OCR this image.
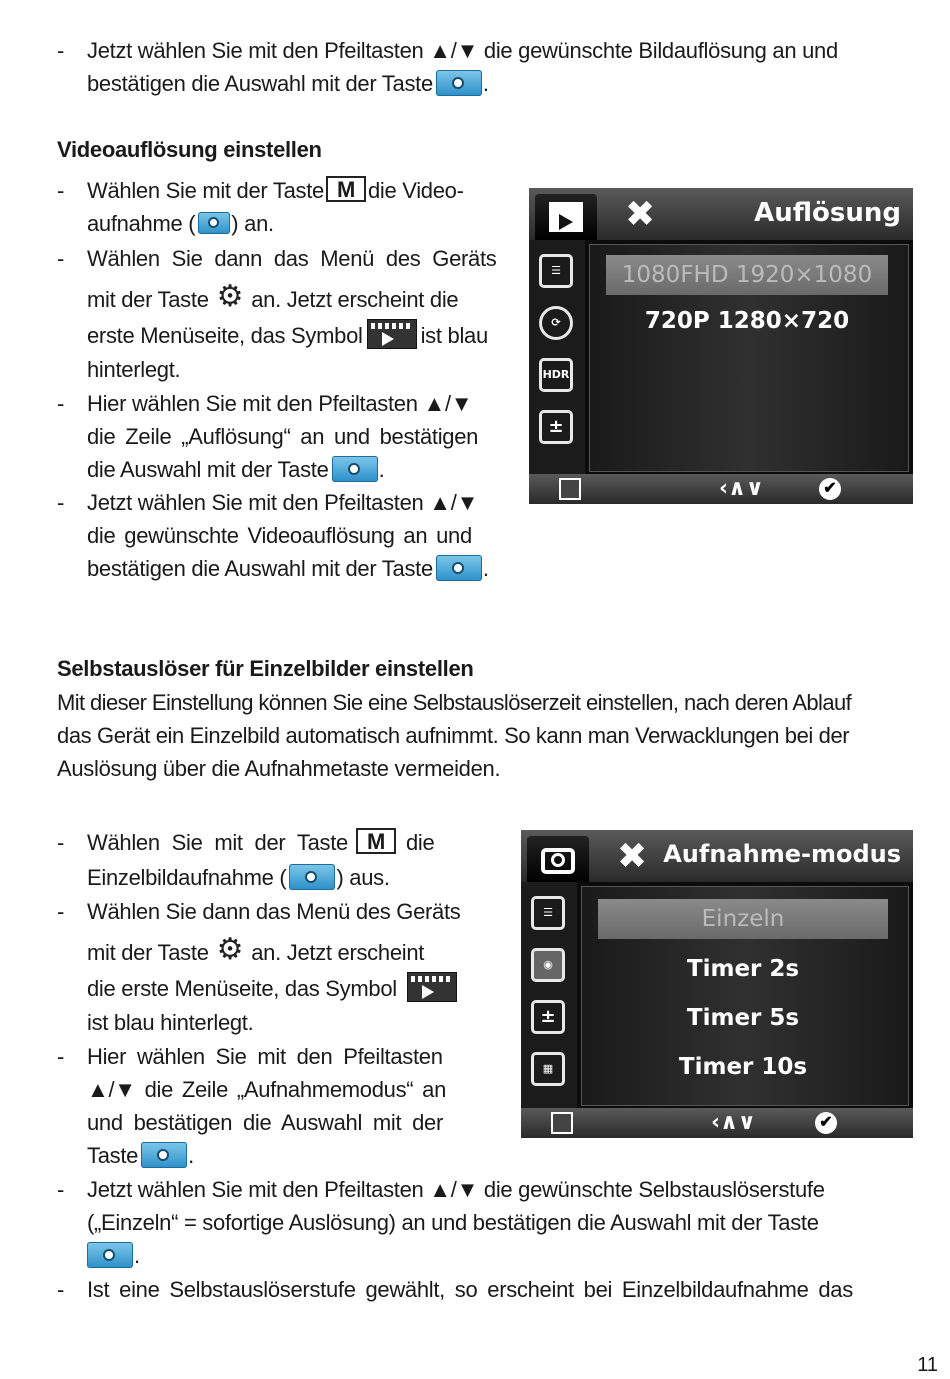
- Jetzt wählen Sie mit den Pfeiltasten ▲/▼ die gewünschte Bildauflösung an und
bestätigen die Auswahl mit der Taste .
Videoauflösung einstellen
- Wählen Sie mit der Taste M die Video-
aufnahme ( ) an.
- Wählen Sie dann das Menü des Geräts
mit der Taste ⚙ an. Jetzt erscheint die
erste Menüseite, das Symbol	ist blau
hinterlegt.
- Hier wählen Sie mit den Pfeiltasten ▲/▼
die Zeile „Auflösung“ an und bestätigen
die Auswahl mit der Taste .
- Jetzt wählen Sie mit den Pfeiltasten ▲/▼
die gewünschte Videoauflösung an und
bestätigen die Auswahl mit der Taste .
✖	Auflösung
☰
⟳
HDR
±
1080FHD 1920×1080
720P 1280×720
‹∧∨	✔
Selbstauslöser für Einzelbilder einstellen
Mit dieser Einstellung können Sie eine Selbstauslöserzeit einstellen, nach deren Ablauf
das Gerät ein Einzelbild automatisch aufnimmt. So kann man Verwacklungen bei der
Auslösung über die Aufnahmetaste vermeiden.
- Wählen Sie mit der Taste M die
Einzelbildaufnahme ( ) aus.
- Wählen Sie dann das Menü des Geräts
mit der Taste ⚙ an. Jetzt erscheint
die erste Menüseite, das Symbol
ist blau hinterlegt.
- Hier wählen Sie mit den Pfeiltasten
▲/▼ die Zeile „Aufnahmemodus“ an
und bestätigen die Auswahl mit der
Taste .
- Jetzt wählen Sie mit den Pfeiltasten ▲/▼ die gewünschte Selbstauslöserstufe
(„Einzeln“ = sofortige Auslösung) an und bestätigen die Auswahl mit der Taste
.
- Ist eine Selbstauslöserstufe gewählt, so erscheint bei Einzelbildaufnahme das
✖ Aufnahme-modus
☰
◉
±
▦
Einzeln
Timer 2s
Timer 5s
Timer 10s
‹∧∨	✔
11
